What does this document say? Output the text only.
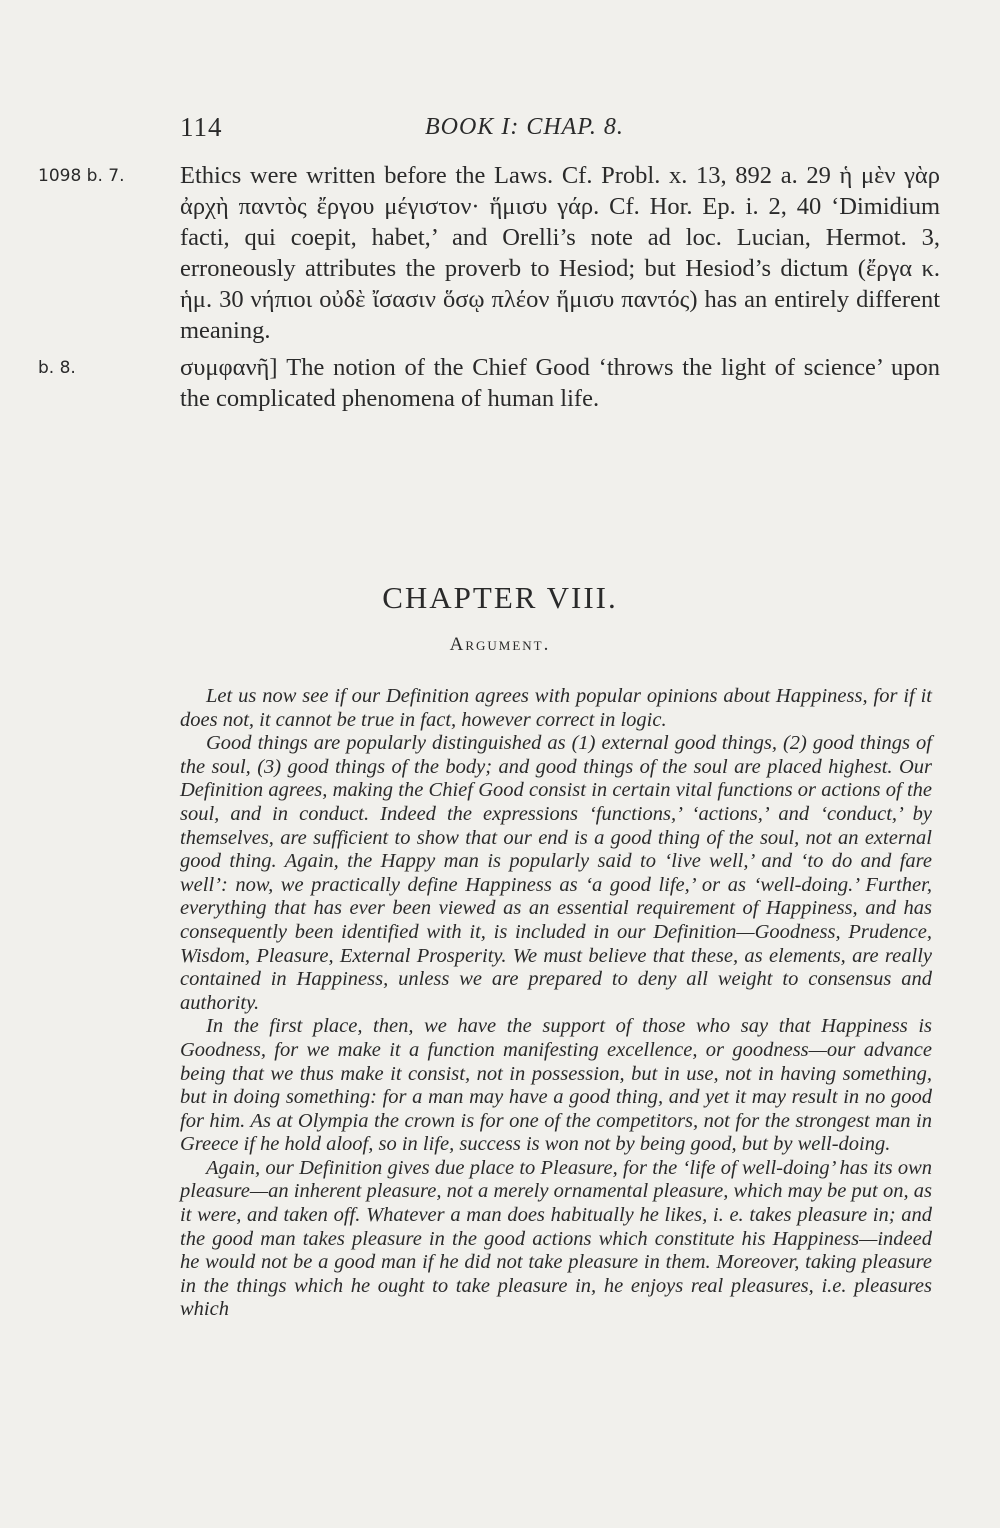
114	BOOK I: CHAP. 8.
1098 b. 7. Ethics were written before the Laws. Cf. Probl. x. 13, 892 a. 29 ἡ μὲν γὰρ ἀρχὴ παντὸς ἔργου μέγιστον· ἥμισυ γάρ. Cf. Hor. Ep. i. 2, 40 ‘Dimidium facti, qui coepit, habet,’ and Orelli’s note ad loc. Lucian, Hermot. 3, erroneously attributes the proverb to Hesiod; but Hesiod’s dictum (ἔργα κ. ἡμ. 30 νήπιοι οὐδὲ ἴσασιν ὅσῳ πλέον ἥμισυ παντός) has an entirely different meaning.

b. 8.	συμφανῆ] The notion of the Chief Good ‘throws the light of science’ upon the complicated phenomena of human life.

CHAPTER VIII.
Argument.

Let us now see if our Definition agrees with popular opinions about Happiness, for if it does not, it cannot be true in fact, however correct in logic.

Good things are popularly distinguished as (1) external good things, (2) good things of the soul, (3) good things of the body; and good things of the soul are placed highest. Our Definition agrees, making the Chief Good consist in certain vital functions or actions of the soul, and in conduct. Indeed the expressions ‘functions,’ ‘actions,’ and ‘conduct,’ by themselves, are sufficient to show that our end is a good thing of the soul, not an external good thing. Again, the Happy man is popularly said to ‘live well,’ and ‘to do and fare well’: now, we practically define Happiness as ‘a good life,’ or as ‘well-doing.’ Further, everything that has ever been viewed as an essential requirement of Happiness, and has consequently been identified with it, is included in our Definition—Goodness, Prudence, Wisdom, Pleasure, External Prosperity. We must believe that these, as elements, are really contained in Happiness, unless we are prepared to deny all weight to consensus and authority.

In the first place, then, we have the support of those who say that Happiness is Goodness, for we make it a function manifesting excellence, or goodness—our advance being that we thus make it consist, not in possession, but in use, not in having something, but in doing something: for a man may have a good thing, and yet it may result in no good for him. As at Olympia the crown is for one of the competitors, not for the strongest man in Greece if he hold aloof, so in life, success is won not by being good, but by well-doing.

Again, our Definition gives due place to Pleasure, for the ‘life of well-doing’ has its own pleasure—an inherent pleasure, not a merely ornamental pleasure, which may be put on, as it were, and taken off. Whatever a man does habitually he likes, i. e. takes pleasure in; and the good man takes pleasure in the good actions which constitute his Happiness—indeed he would not be a good man if he did not take pleasure in them. Moreover, taking pleasure in the things which he ought to take pleasure in, he enjoys real pleasures, i.e. pleasures which
